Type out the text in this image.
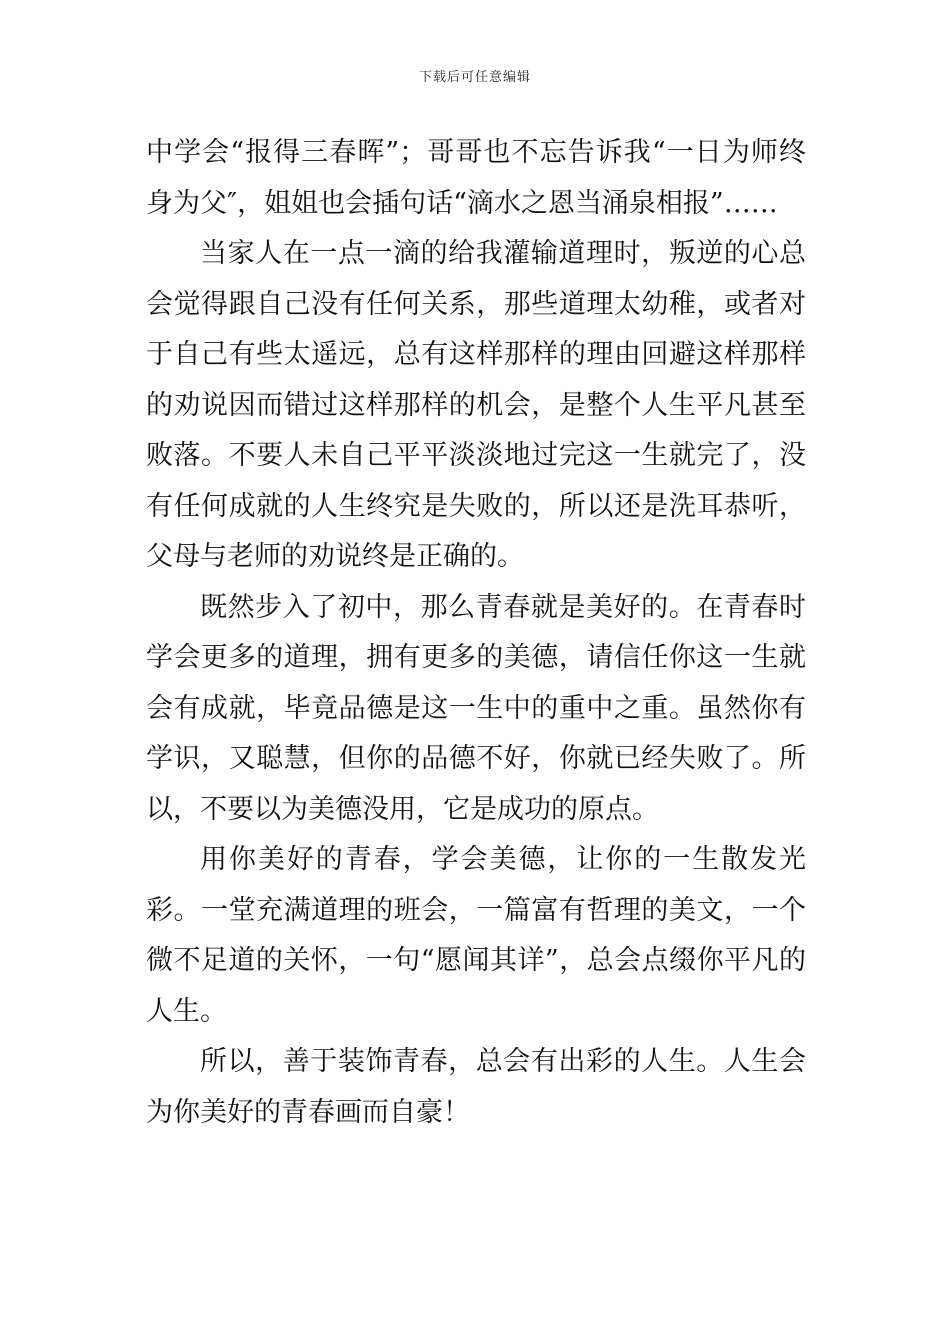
下载后可任意编辑

中学会“报得三春晖”；哥哥也不忘告诉我“一日为师终身为父″，姐姐也会插句话“滴水之恩当涌泉相报”……

当家人在一点一滴的给我灌输道理时，叛逆的心总会觉得跟自己没有任何关系，那些道理太幼稚，或者对于自己有些太遥远，总有这样那样的理由回避这样那样的劝说因而错过这样那样的机会，是整个人生平凡甚至败落。不要人未自己平平淡淡地过完这一生就完了，没有任何成就的人生终究是失败的，所以还是洗耳恭听，父母与老师的劝说终是正确的。

既然步入了初中，那么青春就是美好的。在青春时学会更多的道理，拥有更多的美德，请信任你这一生就会有成就，毕竟品德是这一生中的重中之重。虽然你有学识，又聪慧，但你的品德不好，你就已经失败了。所以，不要以为美德没用，它是成功的原点。

用你美好的青春，学会美德，让你的一生散发光彩。一堂充满道理的班会，一篇富有哲理的美文，一个微不足道的关怀，一句“愿闻其详”，总会点缀你平凡的人生。

所以，善于装饰青春，总会有出彩的人生。人生会为你美好的青春画而自豪！
